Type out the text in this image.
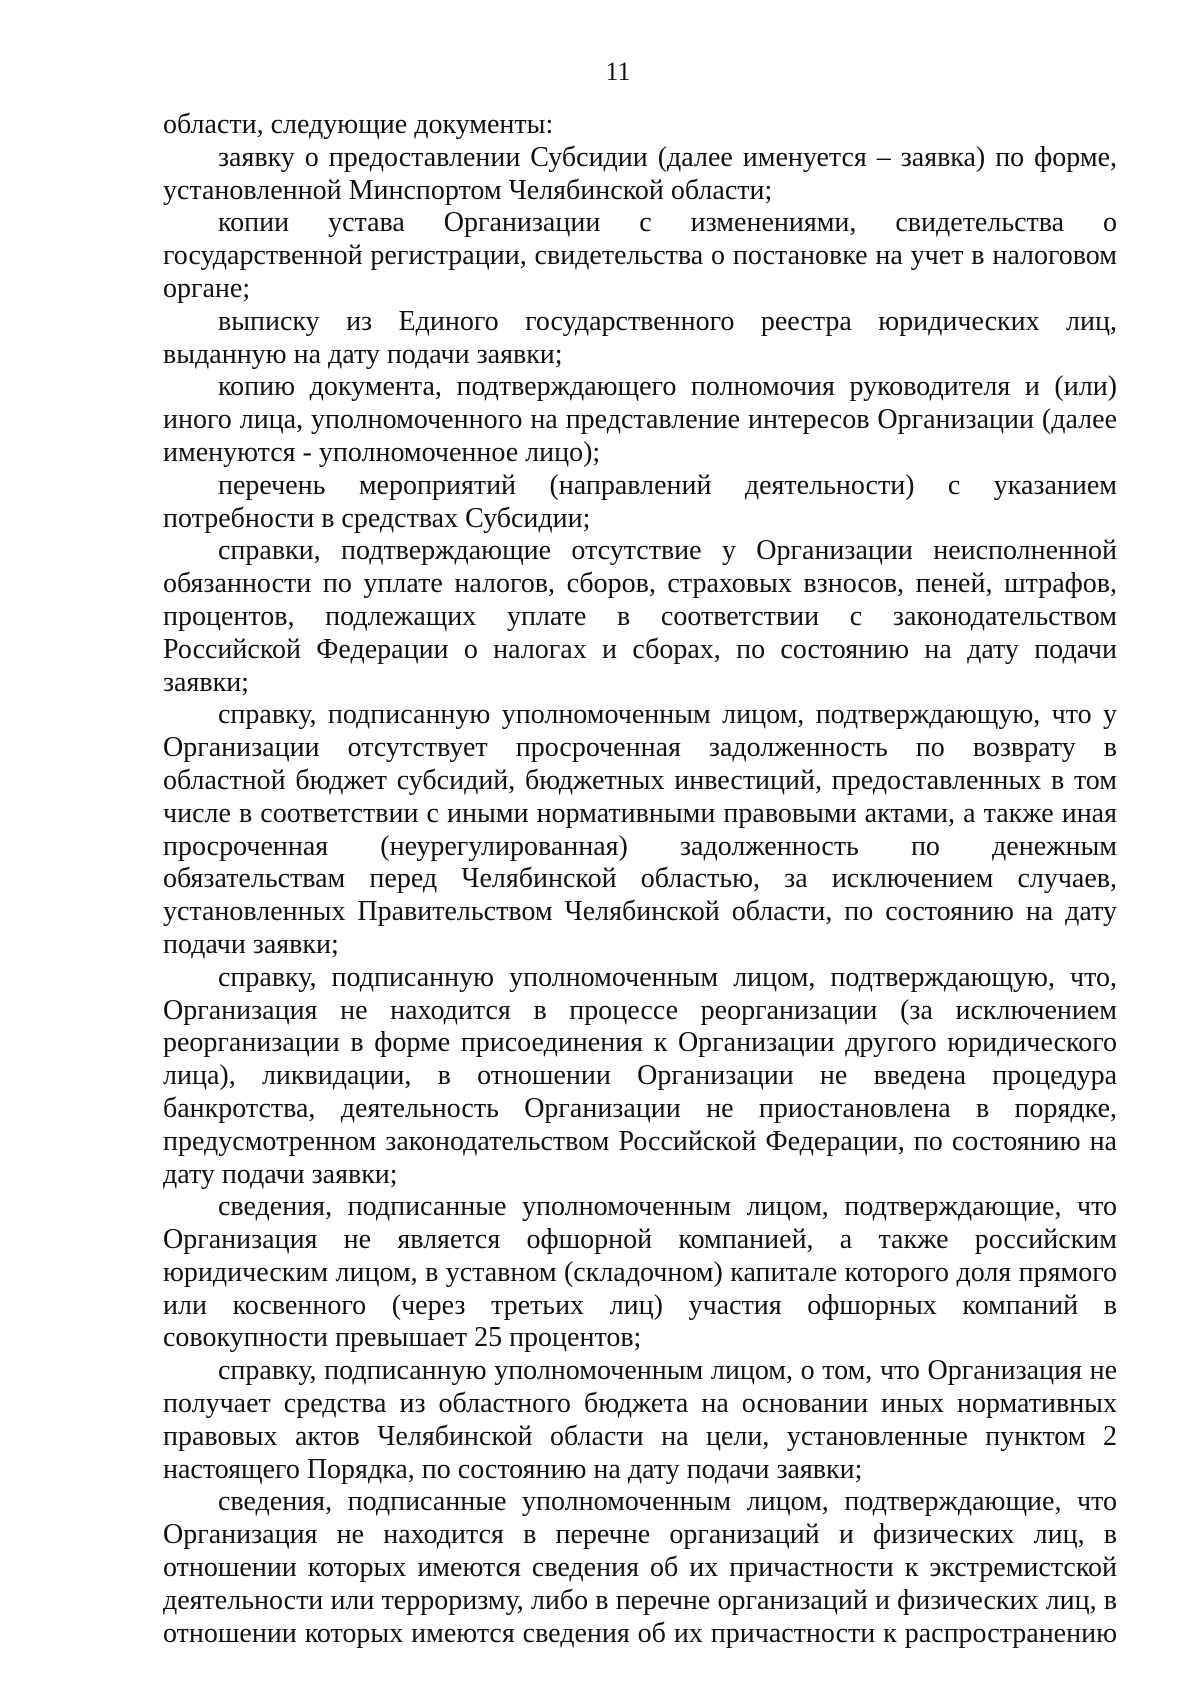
11

области, следующие документы:

заявку о предоставлении Субсидии (далее именуется – заявка) по форме, установленной Минспортом Челябинской области;

копии устава Организации с изменениями, свидетельства о государственной регистрации, свидетельства о постановке на учет в налоговом органе;

выписку из Единого государственного реестра юридических лиц, выданную на дату подачи заявки;

копию документа, подтверждающего полномочия руководителя и (или) иного лица, уполномоченного на представление интересов Организации (далее именуются - уполномоченное лицо);

перечень мероприятий (направлений деятельности) с указанием потребности в средствах Субсидии;

справки, подтверждающие отсутствие у Организации неисполненной обязанности по уплате налогов, сборов, страховых взносов, пеней, штрафов, процентов, подлежащих уплате в соответствии с законодательством Российской Федерации о налогах и сборах, по состоянию на дату подачи заявки;

справку, подписанную уполномоченным лицом, подтверждающую, что у Организации отсутствует просроченная задолженность по возврату в областной бюджет субсидий, бюджетных инвестиций, предоставленных в том числе в соответствии с иными нормативными правовыми актами, а также иная просроченная (неурегулированная) задолженность по денежным обязательствам перед Челябинской областью, за исключением случаев, установленных Правительством Челябинской области, по состоянию на дату подачи заявки;

справку, подписанную уполномоченным лицом, подтверждающую, что, Организация не находится в процессе реорганизации (за исключением реорганизации в форме присоединения к Организации другого юридического лица), ликвидации, в отношении Организации не введена процедура банкротства, деятельность Организации не приостановлена в порядке, предусмотренном законодательством Российской Федерации, по состоянию на дату подачи заявки;

сведения, подписанные уполномоченным лицом, подтверждающие, что Организация не является офшорной компанией, а также российским юридическим лицом, в уставном (складочном) капитале которого доля прямого или косвенного (через третьих лиц) участия офшорных компаний в совокупности превышает 25 процентов;

справку, подписанную уполномоченным лицом, о том, что Организация не получает средства из областного бюджета на основании иных нормативных правовых актов Челябинской области на цели, установленные пунктом 2 настоящего Порядка, по состоянию на дату подачи заявки;

сведения, подписанные уполномоченным лицом, подтверждающие, что Организация не находится в перечне организаций и физических лиц, в отношении которых имеются сведения об их причастности к экстремистской деятельности или терроризму, либо в перечне организаций и физических лиц, в отношении которых имеются сведения об их причастности к распространению
